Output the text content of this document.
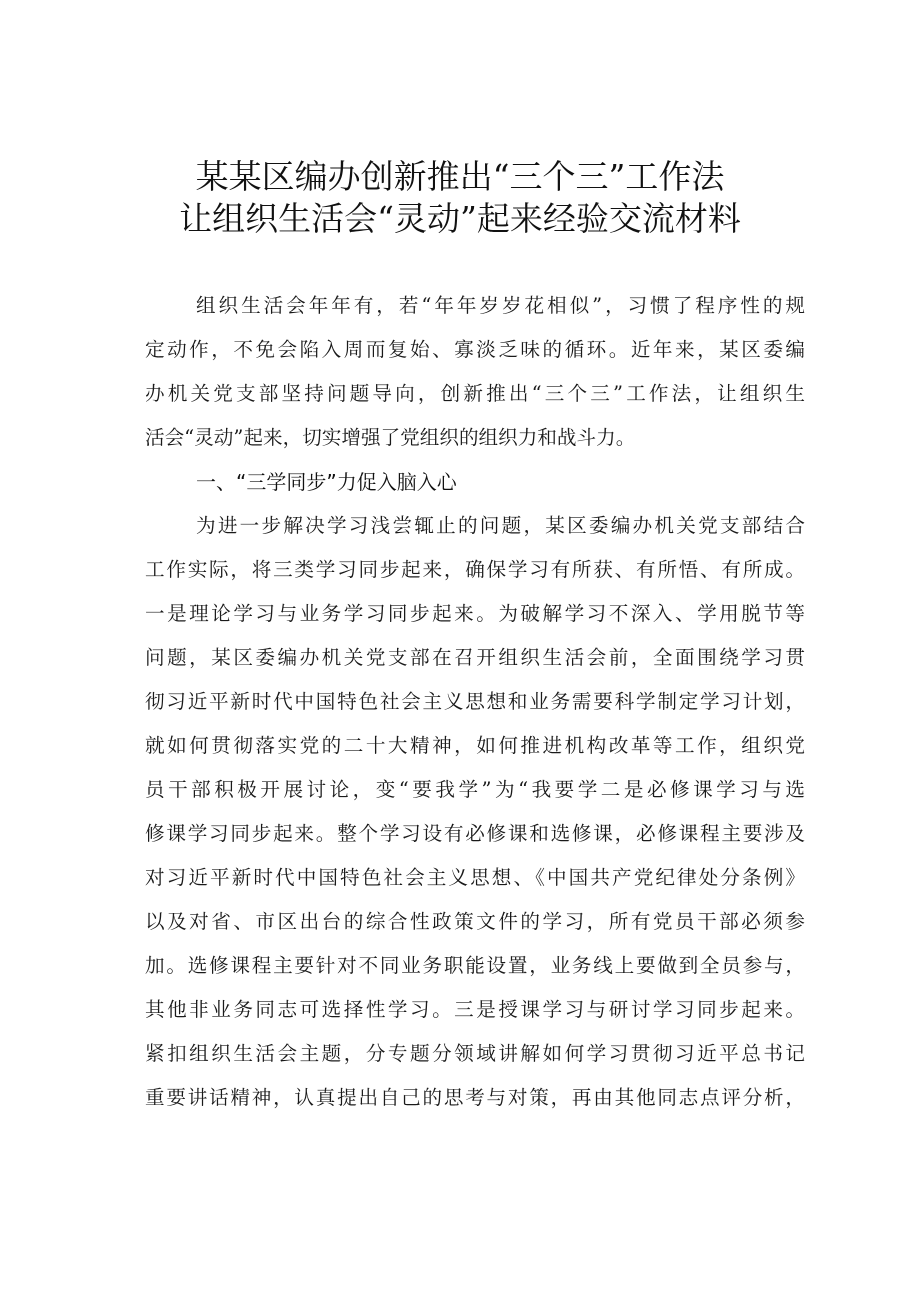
某某区编办创新推出“三个三”工作法
让组织生活会“灵动”起来经验交流材料
组织生活会年年有，若“年年岁岁花相似”，习惯了程序性的规
定动作，不免会陷入周而复始、寡淡乏味的循环。近年来，某区委编
办机关党支部坚持问题导向，创新推出“三个三”工作法，让组织生
活会“灵动”起来，切实增强了党组织的组织力和战斗力。
一、“三学同步”力促入脑入心
为进一步解决学习浅尝辄止的问题，某区委编办机关党支部结合
工作实际，将三类学习同步起来，确保学习有所获、有所悟、有所成。
一是理论学习与业务学习同步起来。为破解学习不深入、学用脱节等
问题，某区委编办机关党支部在召开组织生活会前，全面围绕学习贯
彻习近平新时代中国特色社会主义思想和业务需要科学制定学习计划，
就如何贯彻落实党的二十大精神，如何推进机构改革等工作，组织党
员干部积极开展讨论，变“要我学”为“我要学二是必修课学习与选
修课学习同步起来。整个学习设有必修课和选修课，必修课程主要涉及
对习近平新时代中国特色社会主义思想、《中国共产党纪律处分条例》
以及对省、市区出台的综合性政策文件的学习，所有党员干部必须参
加。选修课程主要针对不同业务职能设置，业务线上要做到全员参与，
其他非业务同志可选择性学习。三是授课学习与研讨学习同步起来。
紧扣组织生活会主题，分专题分领域讲解如何学习贯彻习近平总书记
重要讲话精神，认真提出自己的思考与对策，再由其他同志点评分析，
